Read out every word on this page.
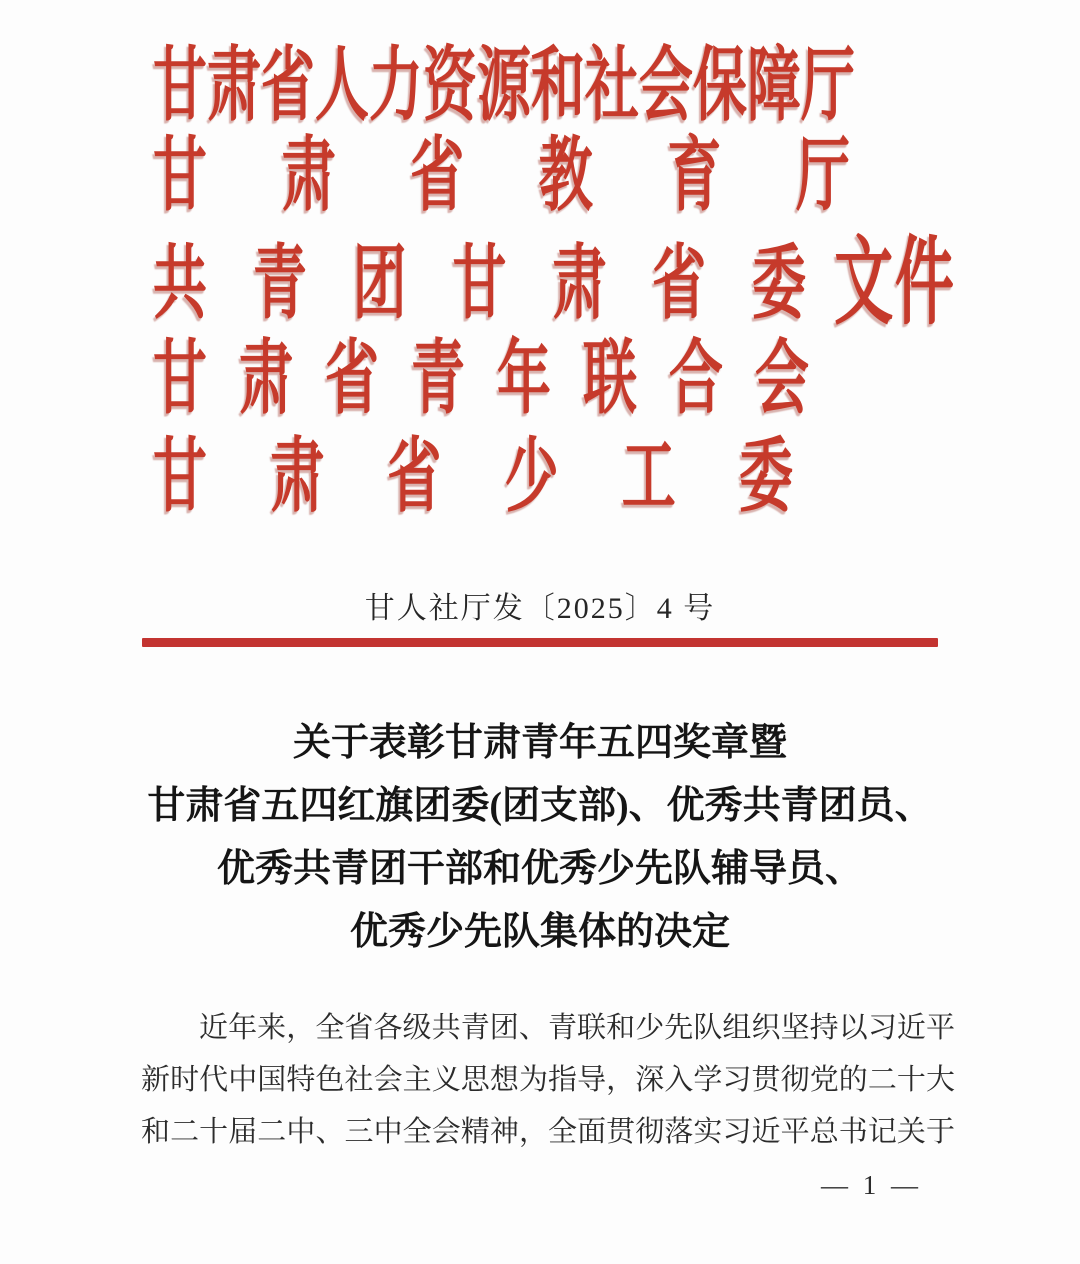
甘 肃 省 人 力 资 源 和 社 会 保 障 厅
甘 肃 省 教 育 厅
共 青 团 甘 肃 省 委 文件
甘 肃 省 青 年 联 合 会
甘 肃 省 少 工 委
甘人社厅发〔2025〕4 号
关于表彰甘肃青年五四奖章暨
甘肃省五四红旗团委(团支部)、优秀共青团员、
优秀共青团干部和优秀少先队辅导员、
优秀少先队集体的决定
近年来，全省各级共青团、青联和少先队组织坚持以习近平
新时代中国特色社会主义思想为指导，深入学习贯彻党的二十大
和二十届二中、三中全会精神，全面贯彻落实习近平总书记关于
— 1 —
